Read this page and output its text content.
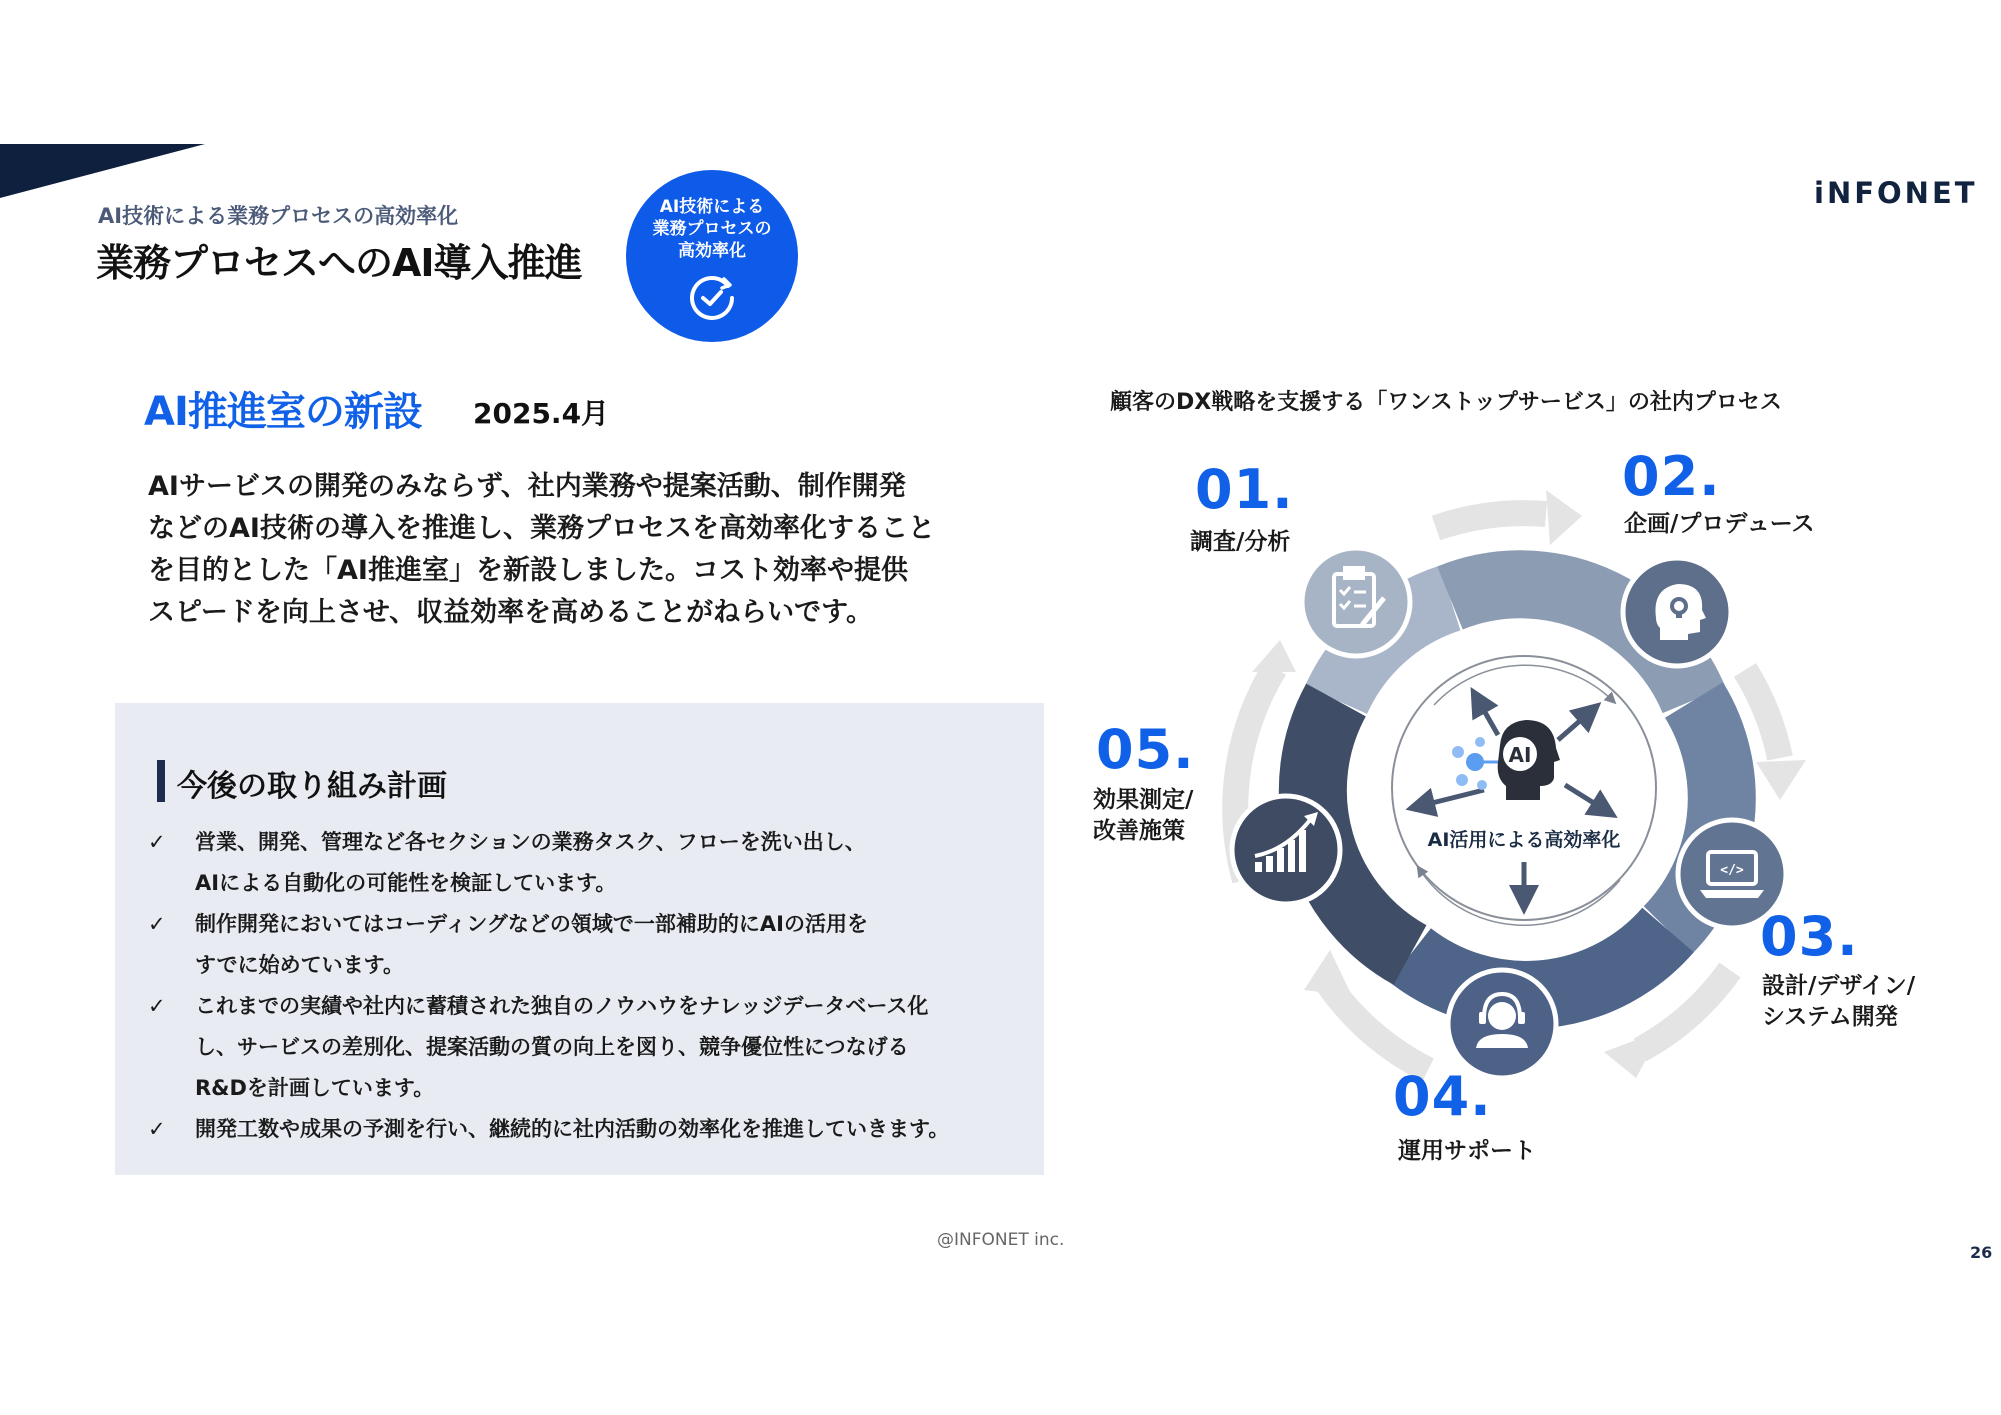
AI技術による業務プロセスの高効率化
業務プロセスへのAI導入推進
AI技術による
業務プロセスの
高効率化
iNFONET
AI推進室の新設 2025.4月
AIサービスの開発のみならず、社内業務や提案活動、制作開発
などのAI技術の導入を推進し、業務プロセスを高効率化すること
を目的とした「AI推進室」を新設しました。コスト効率や提供
スピードを向上させ、収益効率を高めることがねらいです。
今後の取り組み計画
✓	営業、開発、管理など各セクションの業務タスク、フローを洗い出し、
AIによる自動化の可能性を検証しています。
✓	制作開発においてはコーディングなどの領域で一部補助的にAIの活用を
すでに始めています。
✓	これまでの実績や社内に蓄積された独自のノウハウをナレッジデータベース化
し、サービスの差別化、提案活動の質の向上を図り、競争優位性につなげる
R&Dを計画しています。
✓	開発工数や成果の予測を行い、継続的に社内活動の効率化を推進していきます。
顧客のDX戦略を支援する「ワンストップサービス」の社内プロセス
AI
AI活用による高効率化
</>
01.
調査/分析
02.
企画/プロデュース
03.
設計/デザイン/
システム開発
04.
運用サポート
05.
効果測定/
改善施策
@INFONET inc.
26
